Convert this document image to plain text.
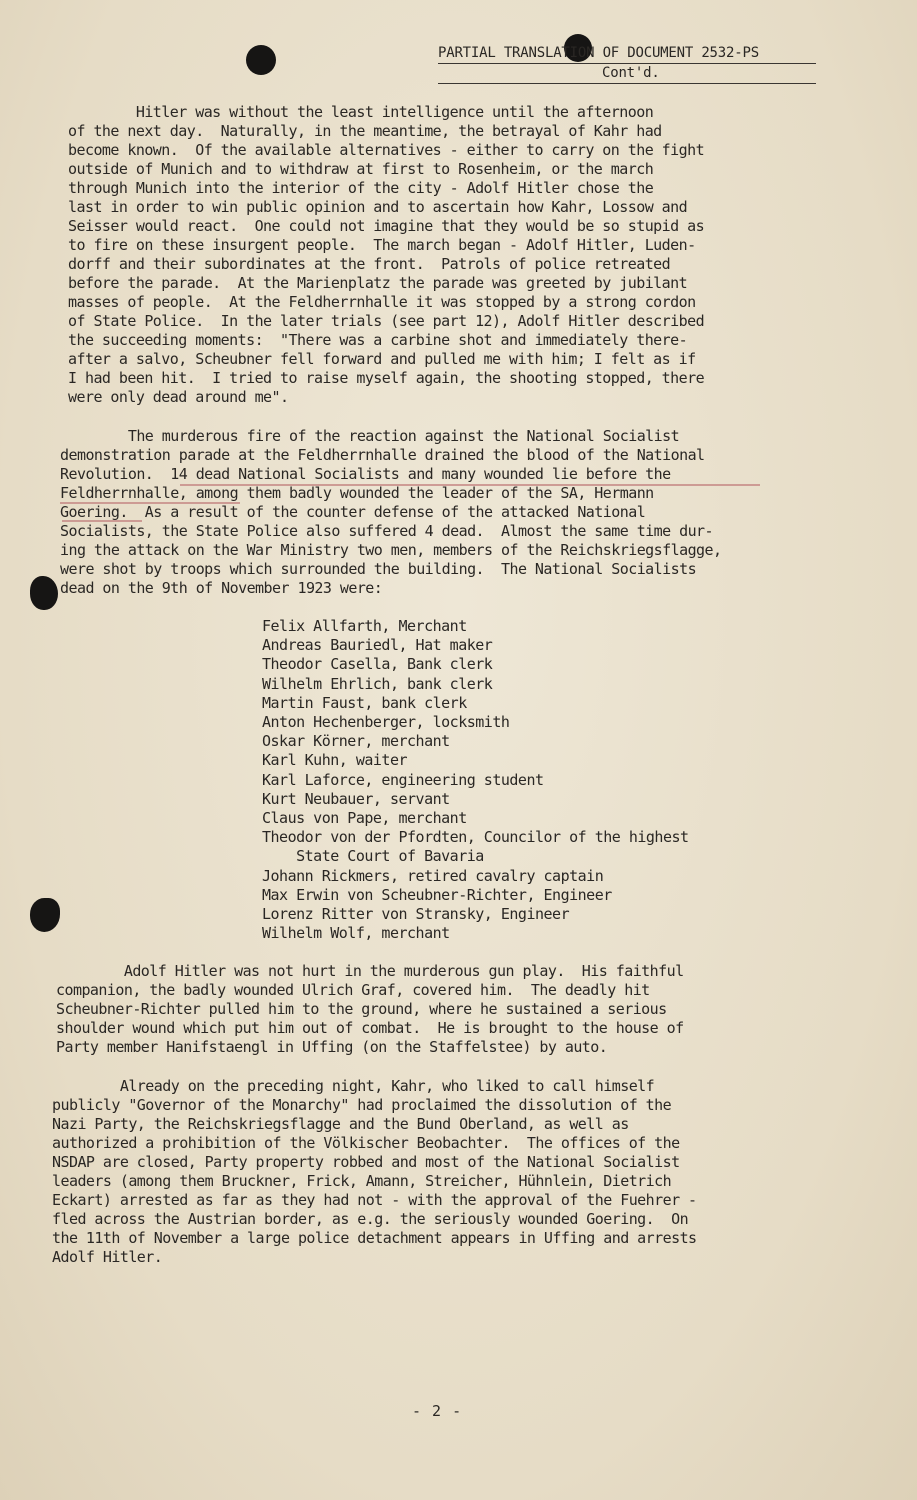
PARTIAL TRANSLATION OF DOCUMENT 2532-PS
Cont'd.
Hitler was without the least intelligence until the afternoon
of the next day.  Naturally, in the meantime, the betrayal of Kahr had
become known.  Of the available alternatives - either to carry on the fight
outside of Munich and to withdraw at first to Rosenheim, or the march
through Munich into the interior of the city - Adolf Hitler chose the
last in order to win public opinion and to ascertain how Kahr, Lossow and
Seisser would react.  One could not imagine that they would be so stupid as
to fire on these insurgent people.  The march began - Adolf Hitler, Luden-
dorff and their subordinates at the front.  Patrols of police retreated
before the parade.  At the Marienplatz the parade was greeted by jubilant
masses of people.  At the Feldherrnhalle it was stopped by a strong cordon
of State Police.  In the later trials (see part 12), Adolf Hitler described
the succeeding moments:  "There was a carbine shot and immediately there-
after a salvo, Scheubner fell forward and pulled me with him; I felt as if
I had been hit.  I tried to raise myself again, the shooting stopped, there
were only dead around me".
The murderous fire of the reaction against the National Socialist
demonstration parade at the Feldherrnhalle drained the blood of the National
Revolution.  14 dead National Socialists and many wounded lie before the
Feldherrnhalle, among them badly wounded the leader of the SA, Hermann
Goering.  As a result of the counter defense of the attacked National
Socialists, the State Police also suffered 4 dead.  Almost the same time dur-
ing the attack on the War Ministry two men, members of the Reichskriegsflagge,
were shot by troops which surrounded the building.  The National Socialists
dead on the 9th of November 1923 were:
Felix Allfarth, Merchant
Andreas Bauriedl, Hat maker
Theodor Casella, Bank clerk
Wilhelm Ehrlich, bank clerk
Martin Faust, bank clerk
Anton Hechenberger, locksmith
Oskar Körner, merchant
Karl Kuhn, waiter
Karl Laforce, engineering student
Kurt Neubauer, servant
Claus von Pape, merchant
Theodor von der Pfordten, Councilor of the highest
State Court of Bavaria
Johann Rickmers, retired cavalry captain
Max Erwin von Scheubner-Richter, Engineer
Lorenz Ritter von Stransky, Engineer
Wilhelm Wolf, merchant
Adolf Hitler was not hurt in the murderous gun play.  His faithful
companion, the badly wounded Ulrich Graf, covered him.  The deadly hit
Scheubner-Richter pulled him to the ground, where he sustained a serious
shoulder wound which put him out of combat.  He is brought to the house of
Party member Hanifstaengl in Uffing (on the Staffelstee) by auto.
Already on the preceding night, Kahr, who liked to call himself
publicly "Governor of the Monarchy" had proclaimed the dissolution of the
Nazi Party, the Reichskriegsflagge and the Bund Oberland, as well as
authorized a prohibition of the Völkischer Beobachter.  The offices of the
NSDAP are closed, Party property robbed and most of the National Socialist
leaders (among them Bruckner, Frick, Amann, Streicher, Hühnlein, Dietrich
Eckart) arrested as far as they had not - with the approval of the Fuehrer -
fled across the Austrian border, as e.g. the seriously wounded Goering.  On
the 11th of November a large police detachment appears in Uffing and arrests
Adolf Hitler.
- 2 -
